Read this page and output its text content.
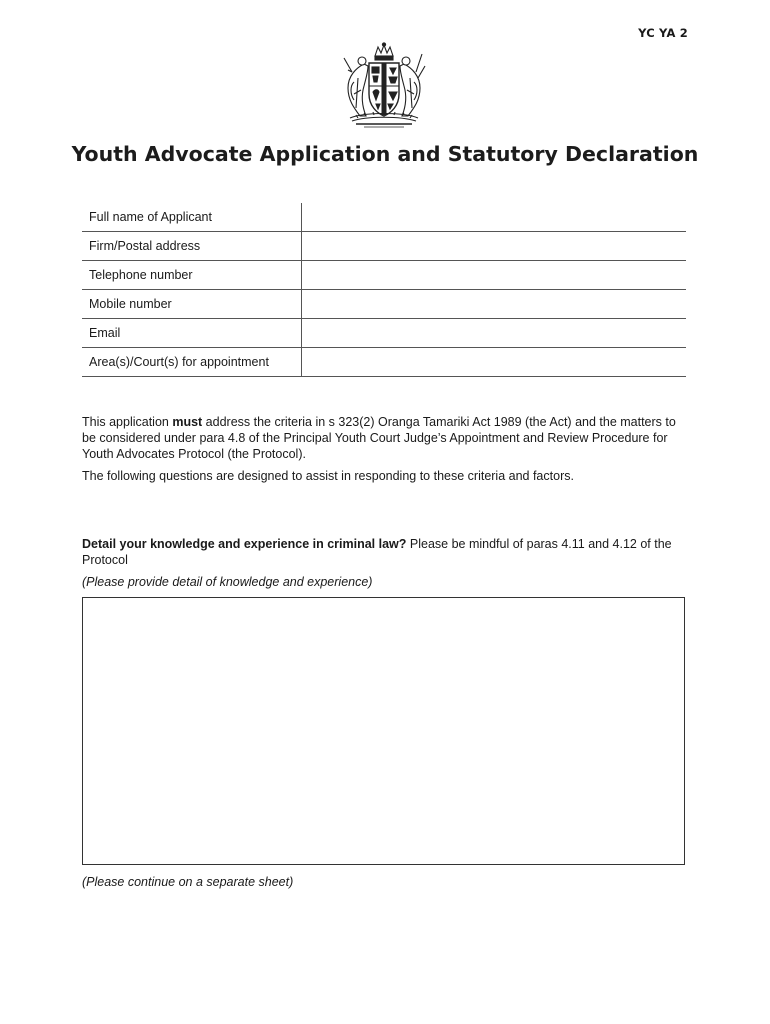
YC YA 2
Youth Advocate Application and Statutory Declaration
Full name of Applicant	
Firm/Postal address	
Telephone number	
Mobile number	
Email	
Area(s)/Court(s) for appointment	

This application must address the criteria in s 323(2) Oranga Tamariki Act 1989 (the Act) and the matters to be considered under para 4.8 of the Principal Youth Court Judge’s Appointment and Review Procedure for Youth Advocates Protocol (the Protocol).

The following questions are designed to assist in responding to these criteria and factors.

Detail your knowledge and experience in criminal law? Please be mindful of paras 4.11 and 4.12 of the Protocol

(Please provide detail of knowledge and experience)

(Please continue on a separate sheet)
